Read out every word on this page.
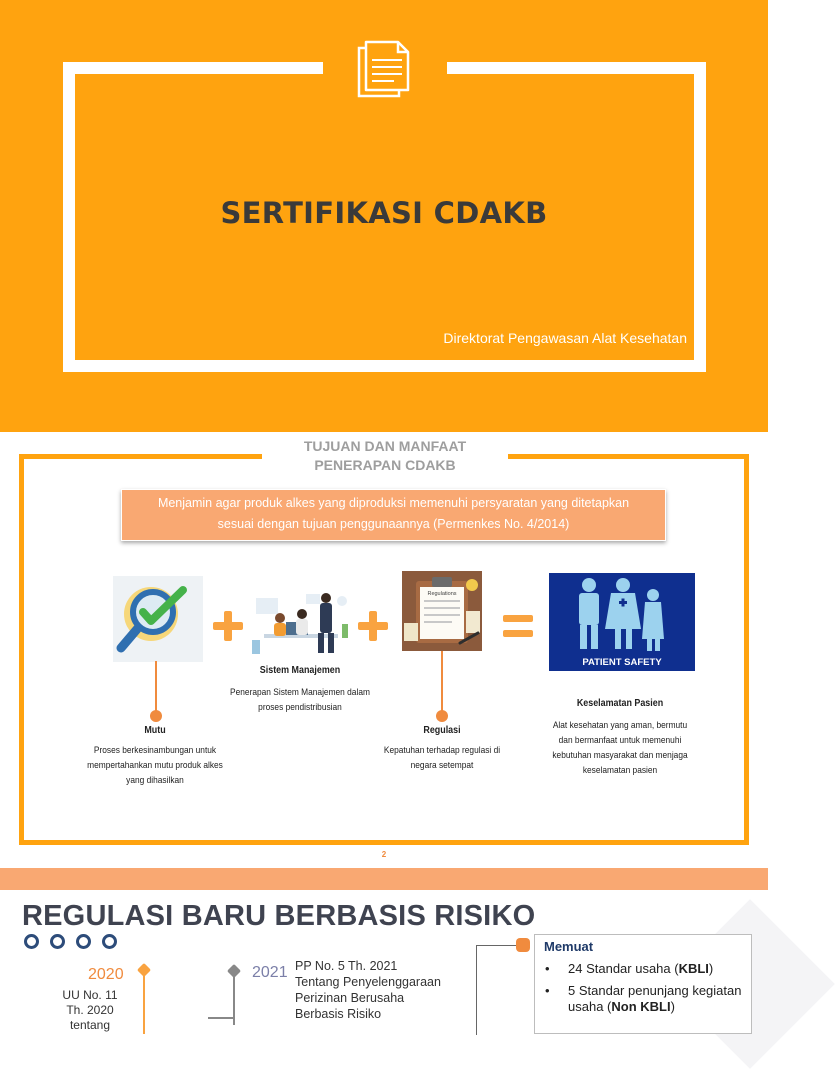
SERTIFIKASI CDAKB
Direktorat Pengawasan Alat Kesehatan
TUJUAN DAN MANFAAT
PENERAPAN CDAKB
Menjamin agar produk alkes yang diproduksi memenuhi persyaratan yang ditetapkan
sesuai dengan tujuan penggunaannya (Permenkes No. 4/2014)
Regulations
PATIENT SAFETY
Mutu
Proses berkesinambungan untuk
mempertahankan mutu produk alkes
yang dihasilkan
Sistem Manajemen
Penerapan Sistem Manajemen dalam
proses pendistribusian
Regulasi
Kepatuhan terhadap regulasi di
negara setempat
Keselamatan Pasien
Alat kesehatan yang aman, bermutu
dan bermanfaat untuk memenuhi
kebutuhan masyarakat dan menjaga
keselamatan pasien
2
REGULASI BARU BERBASIS RISIKO
2020
UU No. 11
Th. 2020
tentang
2021 PP No. 5 Th. 2021
Tentang Penyelenggaraan
Perizinan Berusaha
Berbasis Risiko
Memuat
• 24 Standar usaha (KBLI)
• 5 Standar penunjang kegiatan usaha (Non KBLI)
